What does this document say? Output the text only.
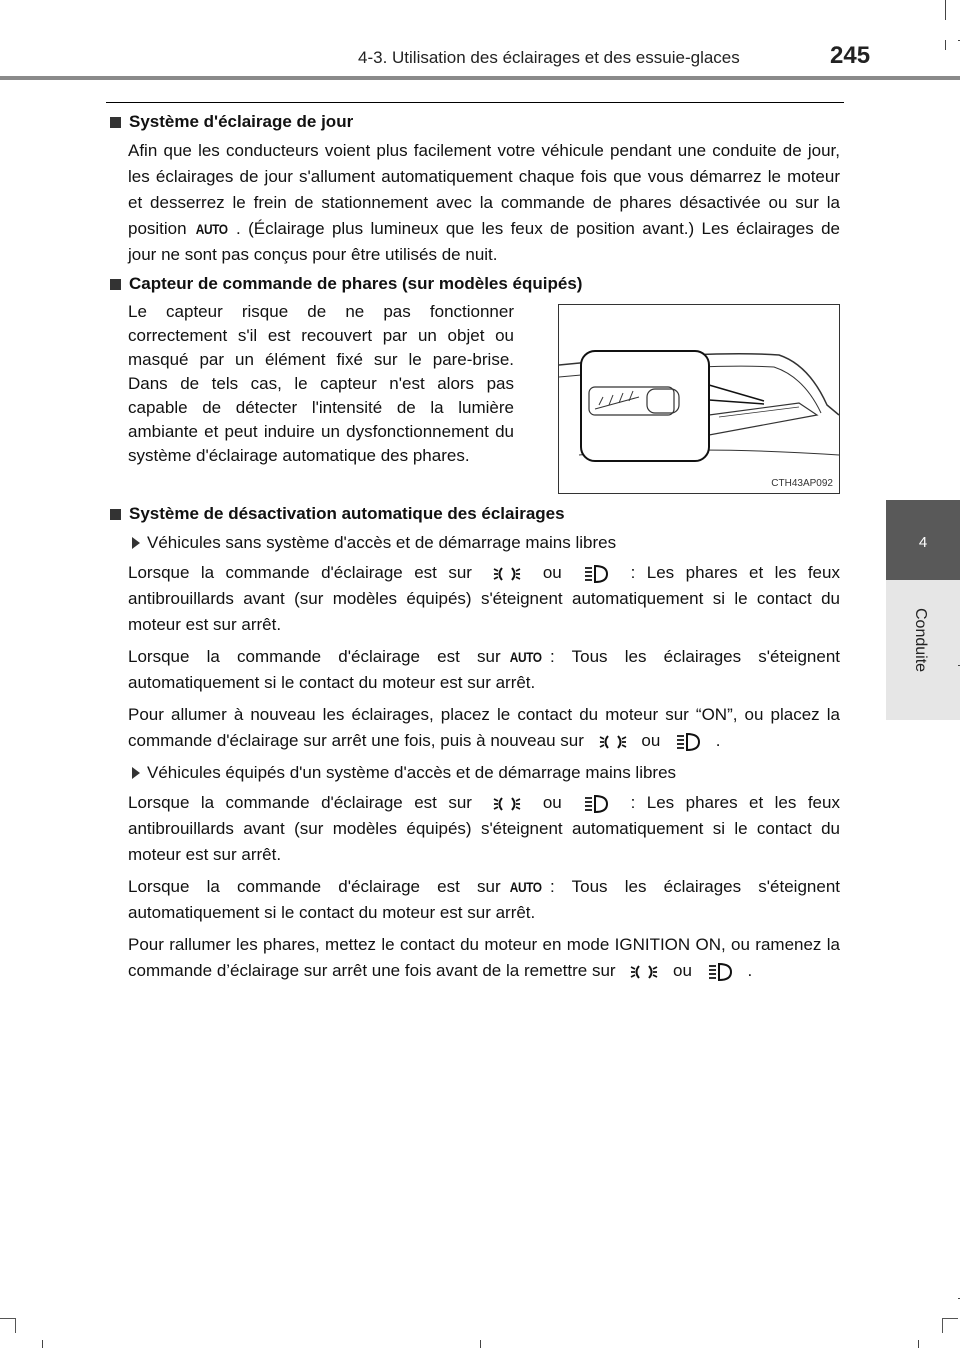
4-3. Utilisation des éclairages et des essuie-glaces	245
4
Conduite
Système d'éclairage de jour

Afin que les conducteurs voient plus facilement votre véhicule pendant une conduite de jour, les éclairages de jour s'allument automatiquement chaque fois que vous démarrez le moteur et desserrez le frein de stationnement avec la commande de phares désactivée ou sur la position AUTO . (Éclairage plus lumineux que les feux de position avant.) Les éclairages de jour ne sont pas conçus pour être utilisés de nuit.

Capteur de commande de phares (sur modèles équipés)

Le capteur risque de ne pas fonctionner correctement s'il est recouvert par un objet ou masqué par un élément fixé sur le pare-brise. Dans de tels cas, le capteur n'est alors pas capable de détecter l'intensité de la lumière ambiante et peut induire un dysfonctionnement du système d'éclairage automatique des phares.

CTH43AP092
Système de désactivation automatique des éclairages
Véhicules sans système d'accès et de démarrage mains libres

Lorsque la commande d'éclairage est sur	ou	: Les phares et les feux antibrouillards avant (sur modèles équipés) s'éteignent automatiquement si le contact du moteur est sur arrêt.

Lorsque la commande d'éclairage est sur AUTO : Tous les éclairages s'éteignent automatiquement si le contact du moteur est sur arrêt.

Pour allumer à nouveau les éclairages, placez le contact du moteur sur “ON”, ou placez la commande d'éclairage sur arrêt une fois, puis à nouveau sur	ou	.

Véhicules équipés d'un système d'accès et de démarrage mains libres

Lorsque la commande d'éclairage est sur	ou	: Les phares et les feux antibrouillards avant (sur modèles équipés) s'éteignent automatiquement si le contact du moteur est sur arrêt.

Lorsque la commande d'éclairage est sur AUTO : Tous les éclairages s'éteignent automatiquement si le contact du moteur est sur arrêt.

Pour rallumer les phares, mettez le contact du moteur en mode IGNITION ON, ou ramenez la commande d’éclairage sur arrêt une fois avant de la remettre sur	ou	.
